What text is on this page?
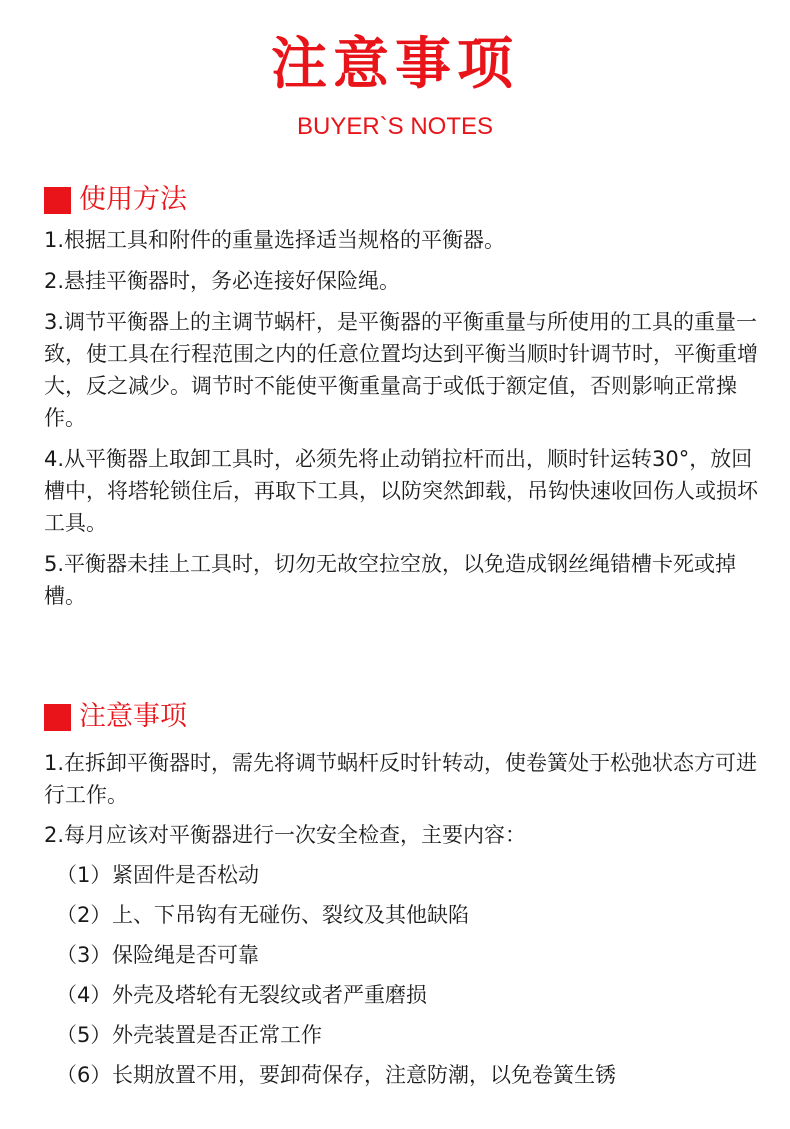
注意事项
BUYER`S NOTES
使用方法

1.根据工具和附件的重量选择适当规格的平衡器。

2.悬挂平衡器时，务必连接好保险绳。

3.调节平衡器上的主调节蜗杆，是平衡器的平衡重量与所使用的工具的重量一致，使工具在行程范围之内的任意位置均达到平衡当顺时针调节时，平衡重增大，反之减少。调节时不能使平衡重量高于或低于额定值，否则影响正常操作。

4.从平衡器上取卸工具时，必须先将止动销拉杆而出，顺时针运转30°，放回槽中，将塔轮锁住后，再取下工具，以防突然卸载，吊钩快速收回伤人或损坏工具。

5.平衡器未挂上工具时，切勿无故空拉空放，以免造成钢丝绳错槽卡死或掉槽。

注意事项

1.在拆卸平衡器时，需先将调节蜗杆反时针转动，使卷簧处于松弛状态方可进行工作。

2.每月应该对平衡器进行一次安全检查，主要内容：

（1） 紧固件是否松动
（2） 上、下吊钩有无碰伤、裂纹及其他缺陷
（3） 保险绳是否可靠
（4） 外壳及塔轮有无裂纹或者严重磨损
（5） 外壳装置是否正常工作
（6） 长期放置不用，要卸荷保存，注意防潮，以免卷簧生锈
